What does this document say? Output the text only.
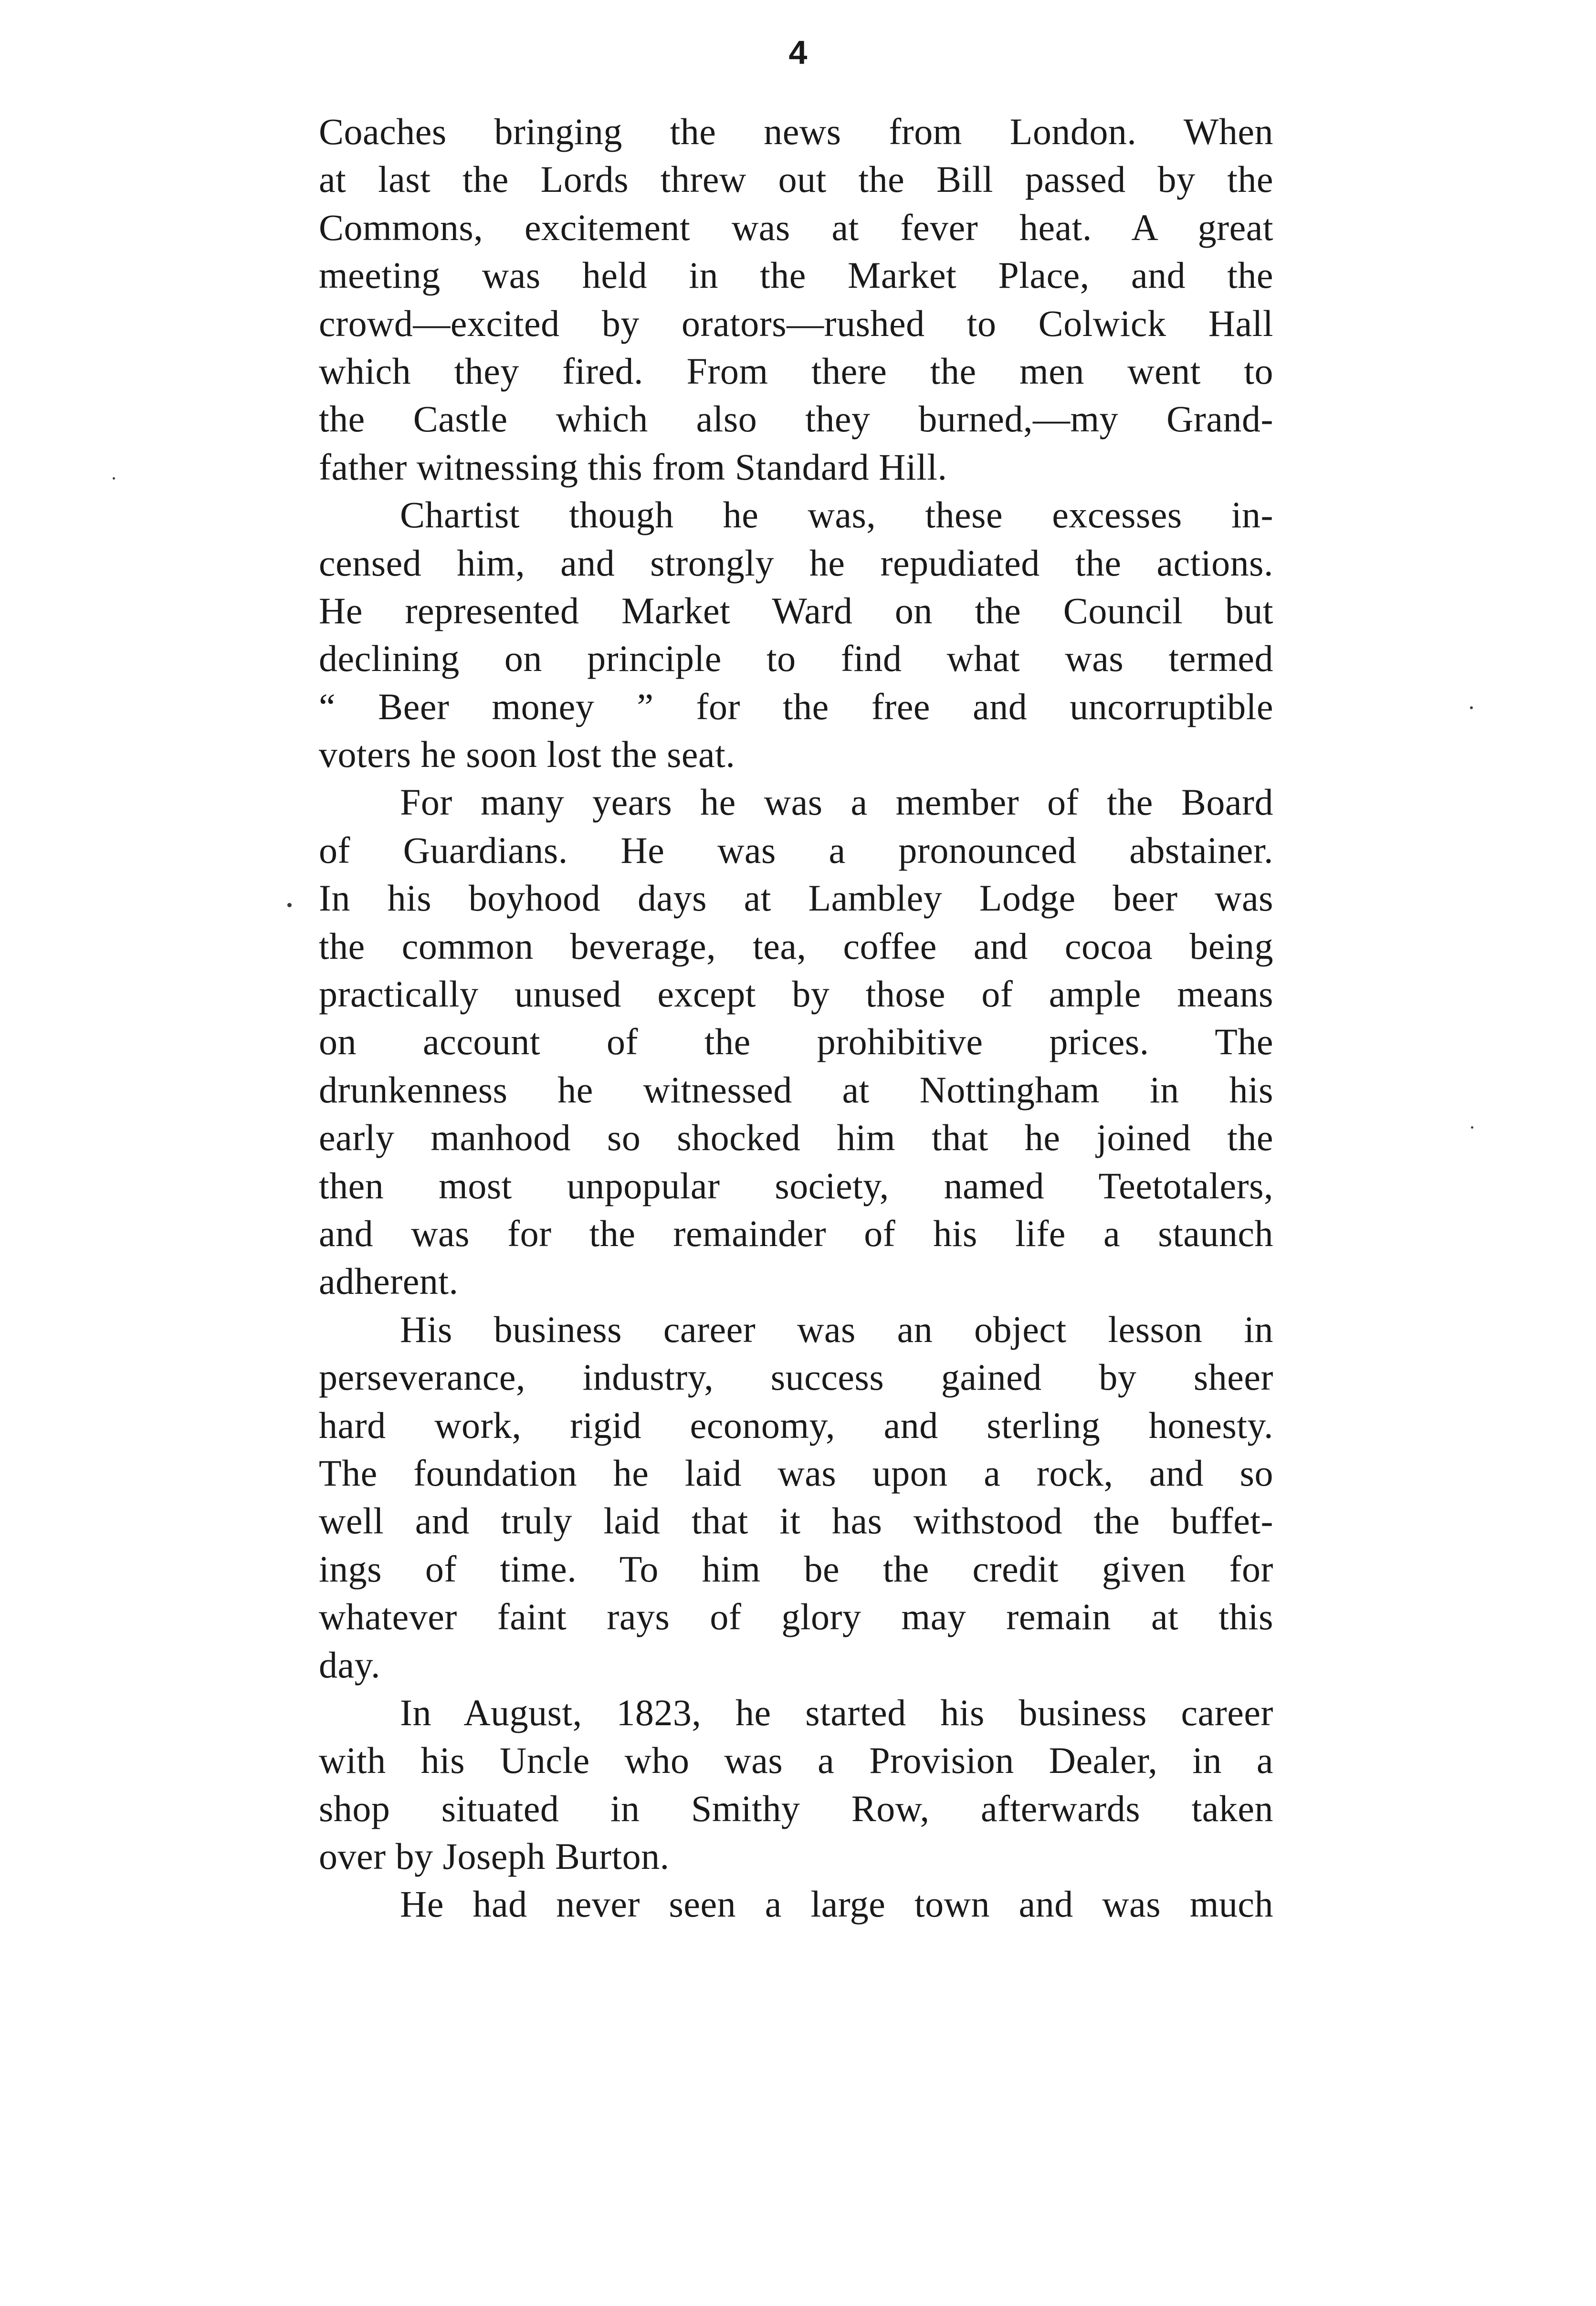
4
Coaches bringing the news from London. When
at last the Lords threw out the Bill passed by the
Commons, excitement was at fever heat. A great
meeting was held in the Market Place, and the
crowd—excited by orators—rushed to Colwick Hall
which they fired. From there the men went to
the Castle which also they burned,—my Grand-
father witnessing this from Standard Hill.
Chartist though he was, these excesses in-
censed him, and strongly he repudiated the actions.
He represented Market Ward on the Council but
declining on principle to find what was termed
“ Beer money ” for the free and uncorruptible
voters he soon lost the seat.
For many years he was a member of the Board
of Guardians. He was a pronounced abstainer.
In his boyhood days at Lambley Lodge beer was
the common beverage, tea, coffee and cocoa being
practically unused except by those of ample means
on account of the prohibitive prices. The
drunkenness he witnessed at Nottingham in his
early manhood so shocked him that he joined the
then most unpopular society, named Teetotalers,
and was for the remainder of his life a staunch
adherent.
His business career was an object lesson in
perseverance, industry, success gained by sheer
hard work, rigid economy, and sterling honesty.
The foundation he laid was upon a rock, and so
well and truly laid that it has withstood the buffet-
ings of time. To him be the credit given for
whatever faint rays of glory may remain at this
day.
In August, 1823, he started his business career
with his Uncle who was a Provision Dealer, in a
shop situated in Smithy Row, afterwards taken
over by Joseph Burton.
He had never seen a large town and was much
